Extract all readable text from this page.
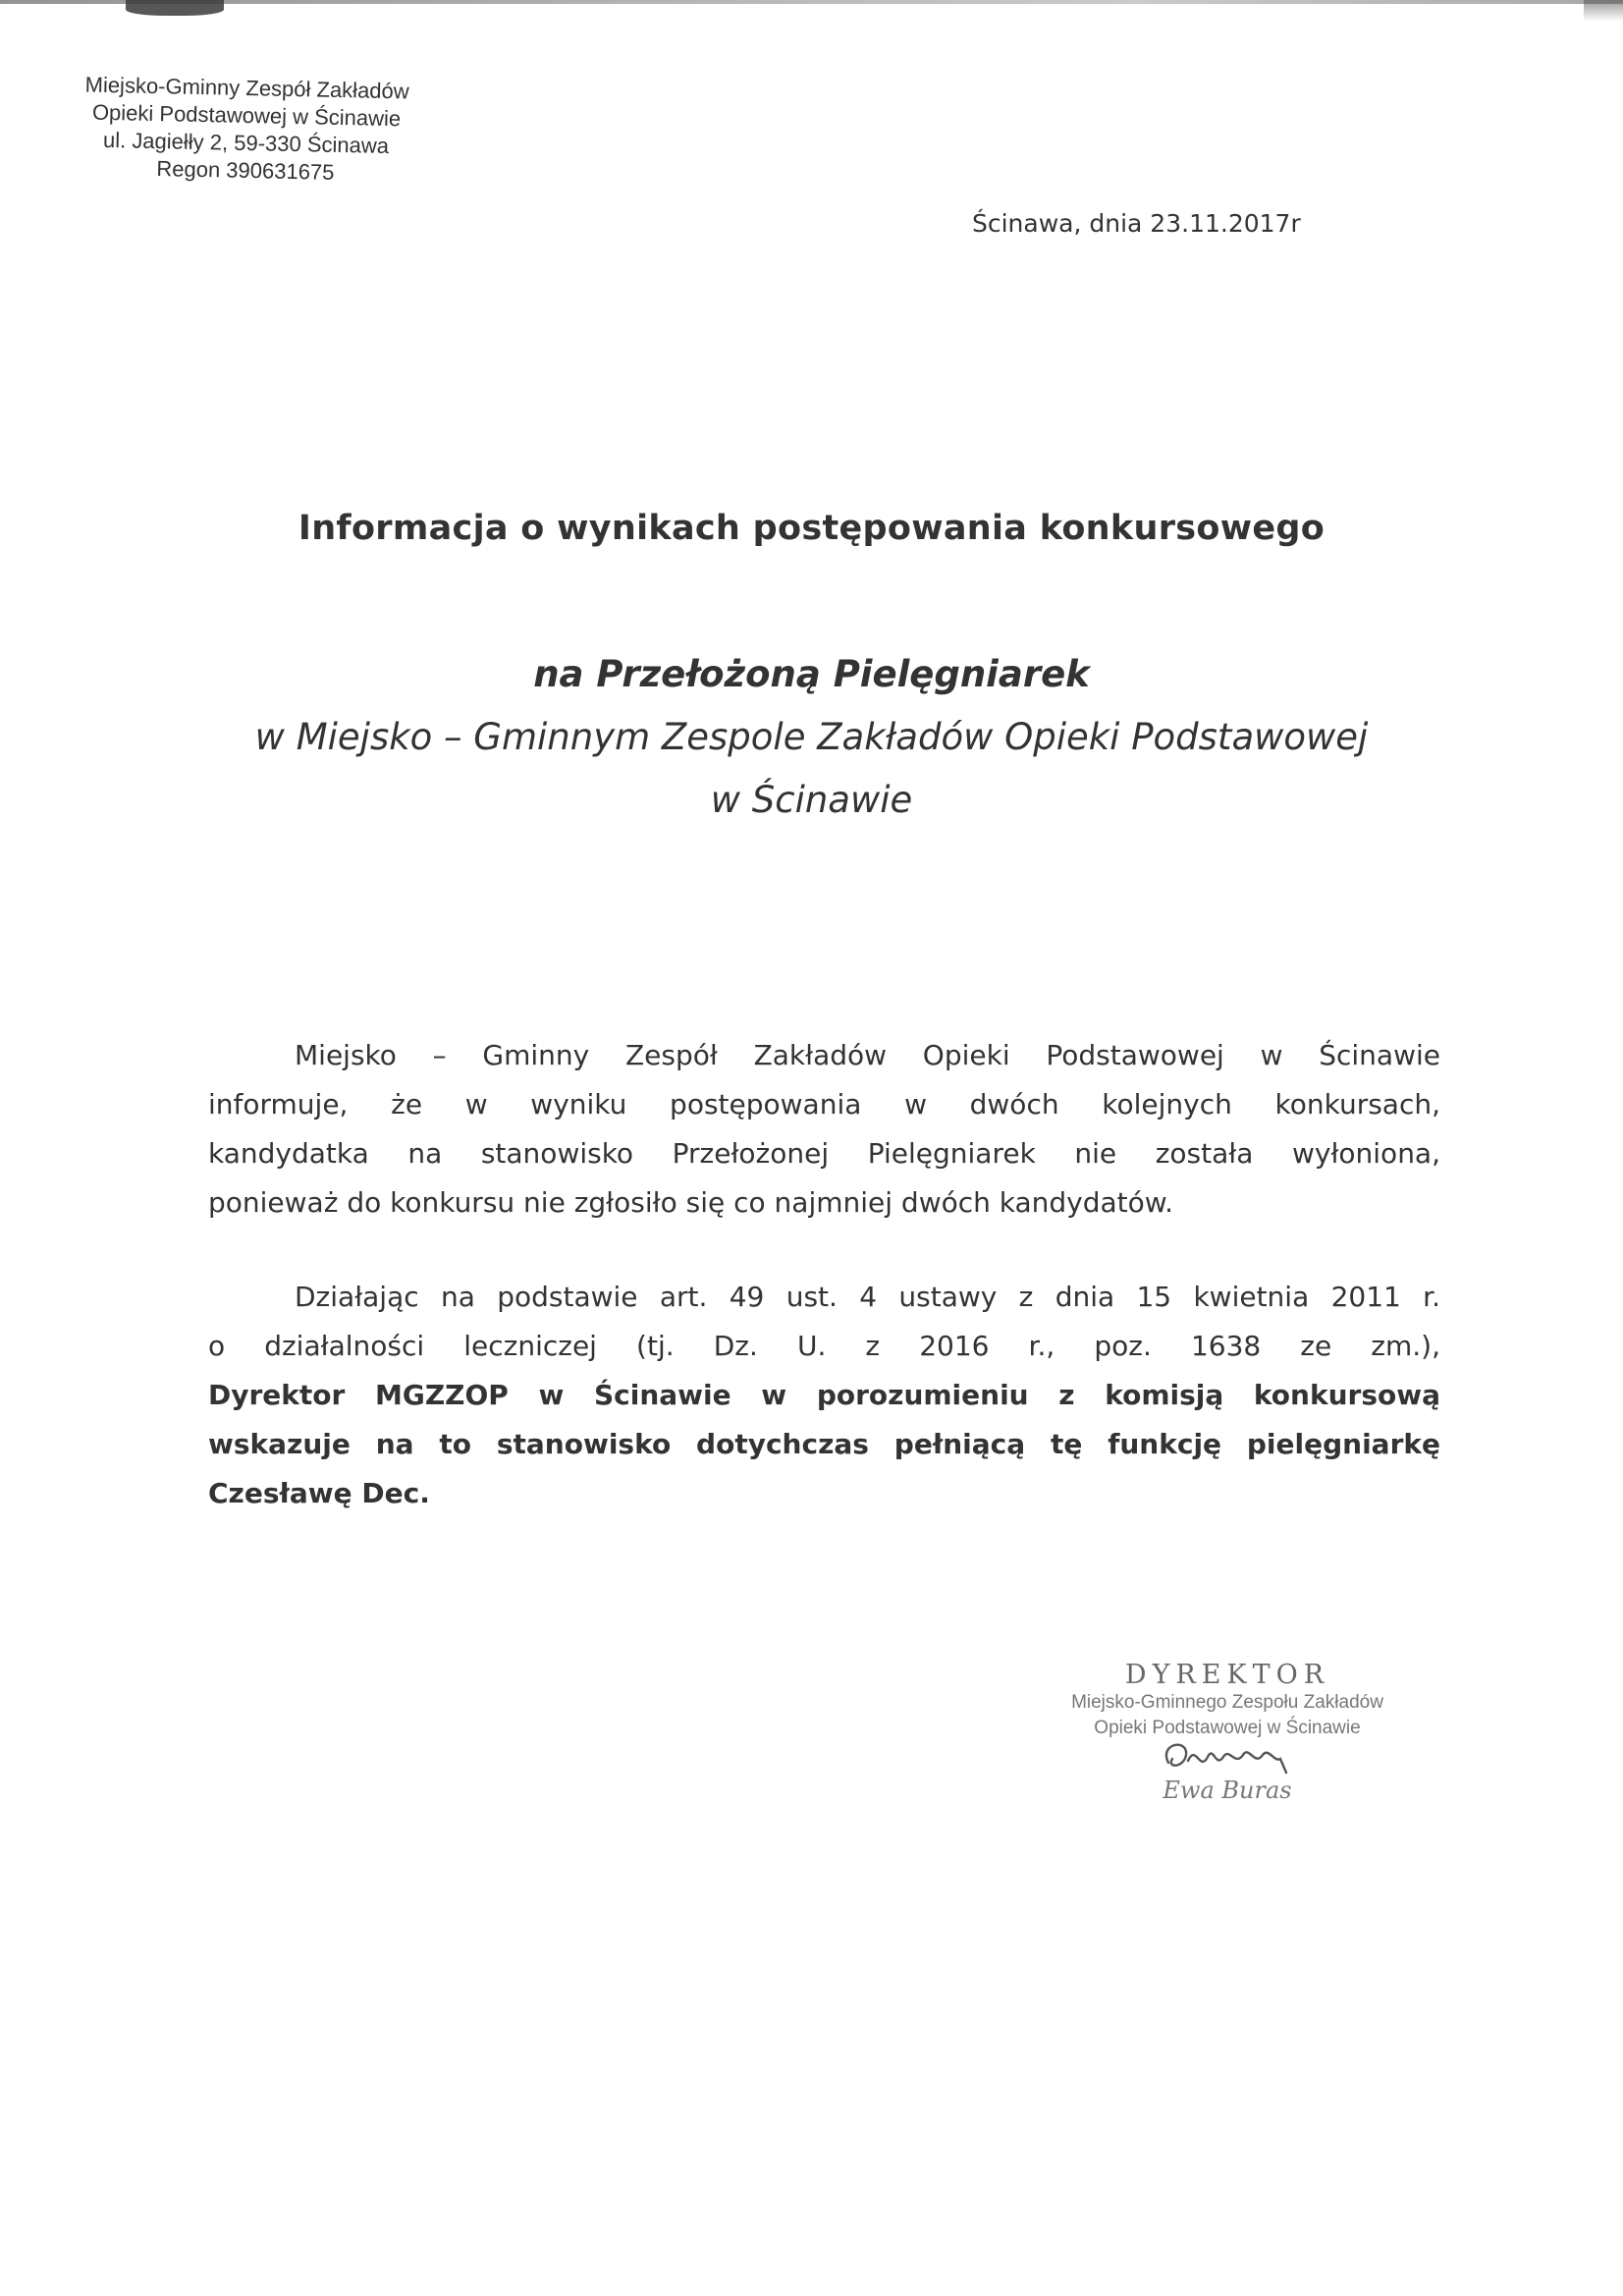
Miejsko-Gminny Zespół Zakładów
Opieki Podstawowej w Ścinawie
ul. Jagiełły 2, 59-330 Ścinawa
Regon 390631675
Ścinawa, dnia 23.11.2017r
Informacja o wynikach postępowania konkursowego
na Przełożoną Pielęgniarek
w Miejsko – Gminnym Zespole Zakładów Opieki Podstawowej
w Ścinawie
Miejsko – Gminny Zespół Zakładów Opieki Podstawowej w Ścinawie
informuje, że w wyniku postępowania w dwóch kolejnych konkursach,
kandydatka na stanowisko Przełożonej Pielęgniarek nie została wyłoniona,
ponieważ do konkursu nie zgłosiło się co najmniej dwóch kandydatów.
Działając na podstawie art. 49 ust. 4 ustawy z dnia 15 kwietnia 2011 r.
o działalności leczniczej (tj. Dz. U. z 2016 r., poz. 1638 ze zm.),
Dyrektor MGZZOP w Ścinawie w porozumieniu z komisją konkursową
wskazuje na to stanowisko dotychczas pełniącą tę funkcję pielęgniarkę
Czesławę Dec.
DYREKTOR
Miejsko-Gminnego Zespołu Zakładów
Opieki Podstawowej w Ścinawie
Ewa Buras
